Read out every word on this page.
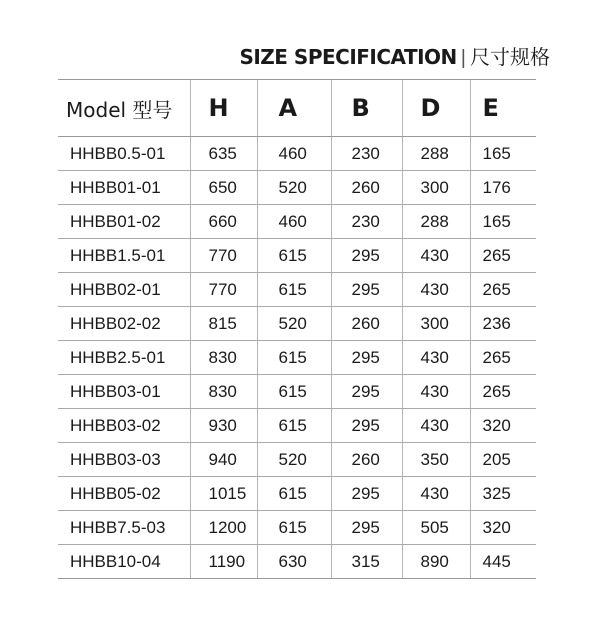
SIZE SPECIFICATION | 尺寸规格
Model 型号	H	A	B	D	E
HHBB0.5-01	635	460	230	288	165
HHBB01-01	650	520	260	300	176
HHBB01-02	660	460	230	288	165
HHBB1.5-01	770	615	295	430	265
HHBB02-01	770	615	295	430	265
HHBB02-02	815	520	260	300	236
HHBB2.5-01	830	615	295	430	265
HHBB03-01	830	615	295	430	265
HHBB03-02	930	615	295	430	320
HHBB03-03	940	520	260	350	205
HHBB05-02	1015	615	295	430	325
HHBB7.5-03	1200	615	295	505	320
HHBB10-04	1190	630	315	890	445
